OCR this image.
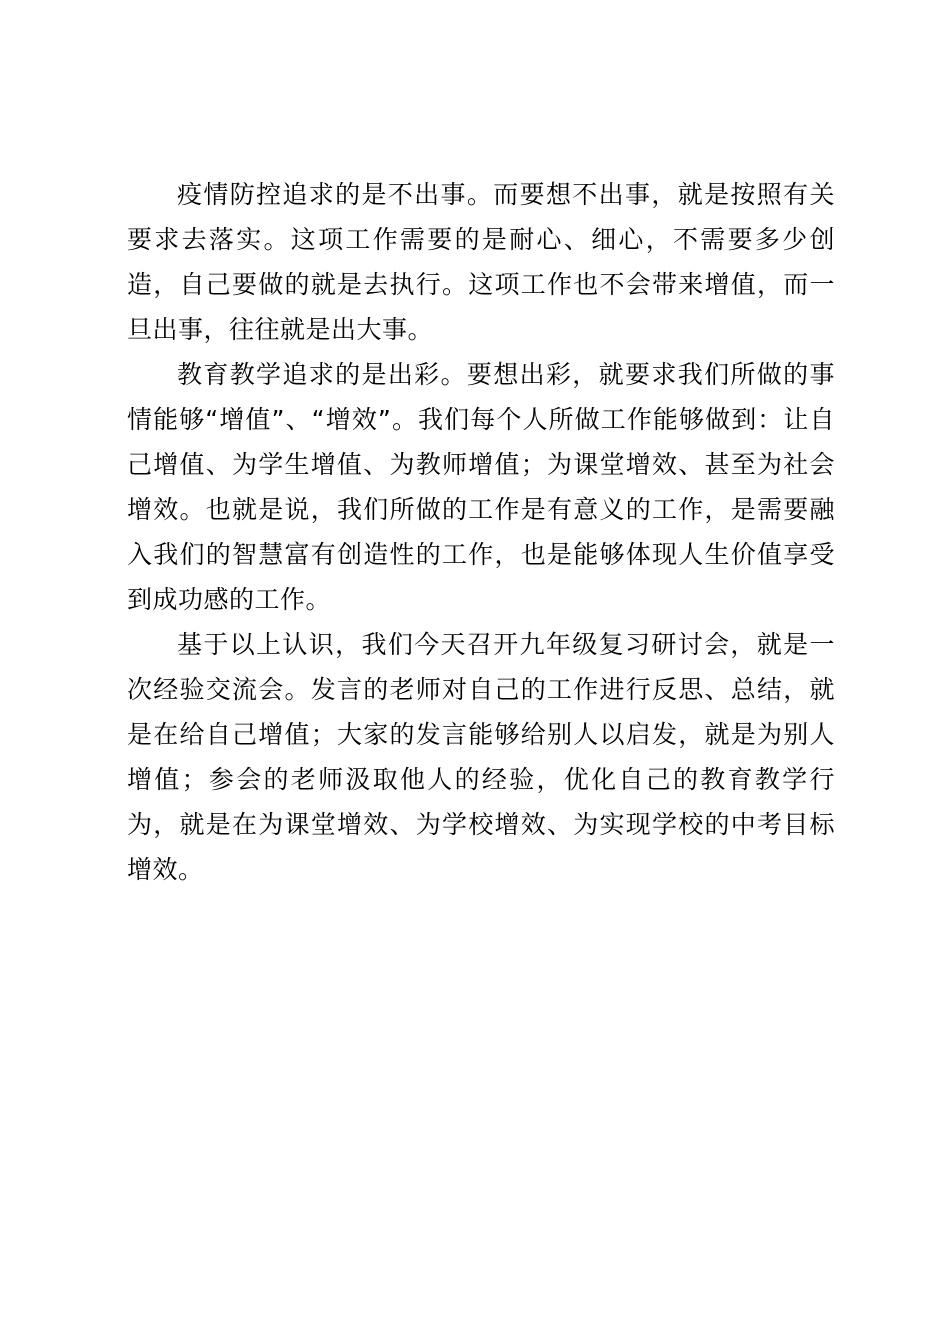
疫情防控追求的是不出事。而要想不出事，就是按照有关要求去落实。这项工作需要的是耐心、细心，不需要多少创造，自己要做的就是去执行。这项工作也不会带来增值，而一旦出事，往往就是出大事。

教育教学追求的是出彩。要想出彩，就要求我们所做的事情能够“增值”、“增效”。我们每个人所做工作能够做到：让自己增值、为学生增值、为教师增值；为课堂增效、甚至为社会增效。也就是说，我们所做的工作是有意义的工作，是需要融入我们的智慧富有创造性的工作，也是能够体现人生价值享受到成功感的工作。

基于以上认识，我们今天召开九年级复习研讨会，就是一次经验交流会。发言的老师对自己的工作进行反思、总结，就是在给自己增值；大家的发言能够给别人以启发，就是为别人增值；参会的老师汲取他人的经验，优化自己的教育教学行为，就是在为课堂增效、为学校增效、为实现学校的中考目标增效。
